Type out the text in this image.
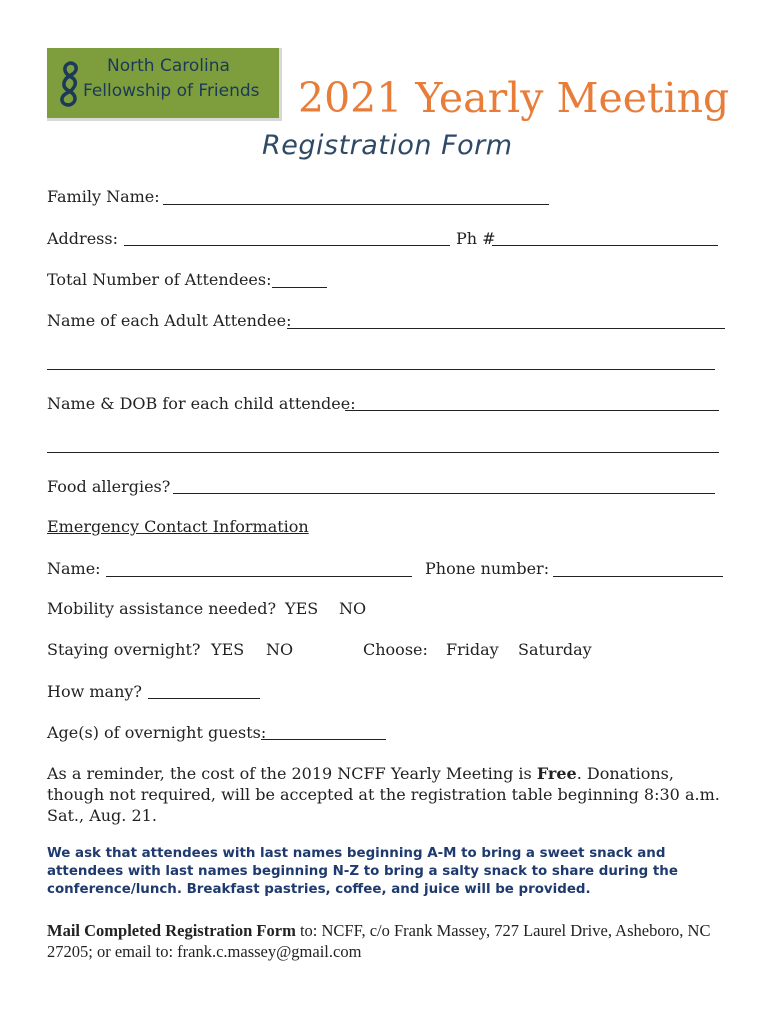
North Carolina
Fellowship of Friends 2021 Yearly Meeting
Registration Form
Family Name:
Address:	Ph #
Total Number of Attendees:
Name of each Adult Attendee:
Name & DOB for each child attendee:
Food allergies?
Emergency Contact Information
Name:	Phone number:
Mobility assistance needed? YES NO
Staying overnight? YES NO	Choose: Friday Saturday
How many?
Age(s) of overnight guests:
As a reminder, the cost of the 2019 NCFF Yearly Meeting is Free. Donations, though not required, will be accepted at the registration table beginning 8:30 a.m. Sat., Aug. 21.
We ask that attendees with last names beginning A-M to bring a sweet snack and attendees with last names beginning N-Z to bring a salty snack to share during the conference/lunch. Breakfast pastries, coffee, and juice will be provided.
Mail Completed Registration Form to: NCFF, c/o Frank Massey, 727 Laurel Drive, Asheboro, NC 27205; or email to: frank.c.massey@gmail.com
